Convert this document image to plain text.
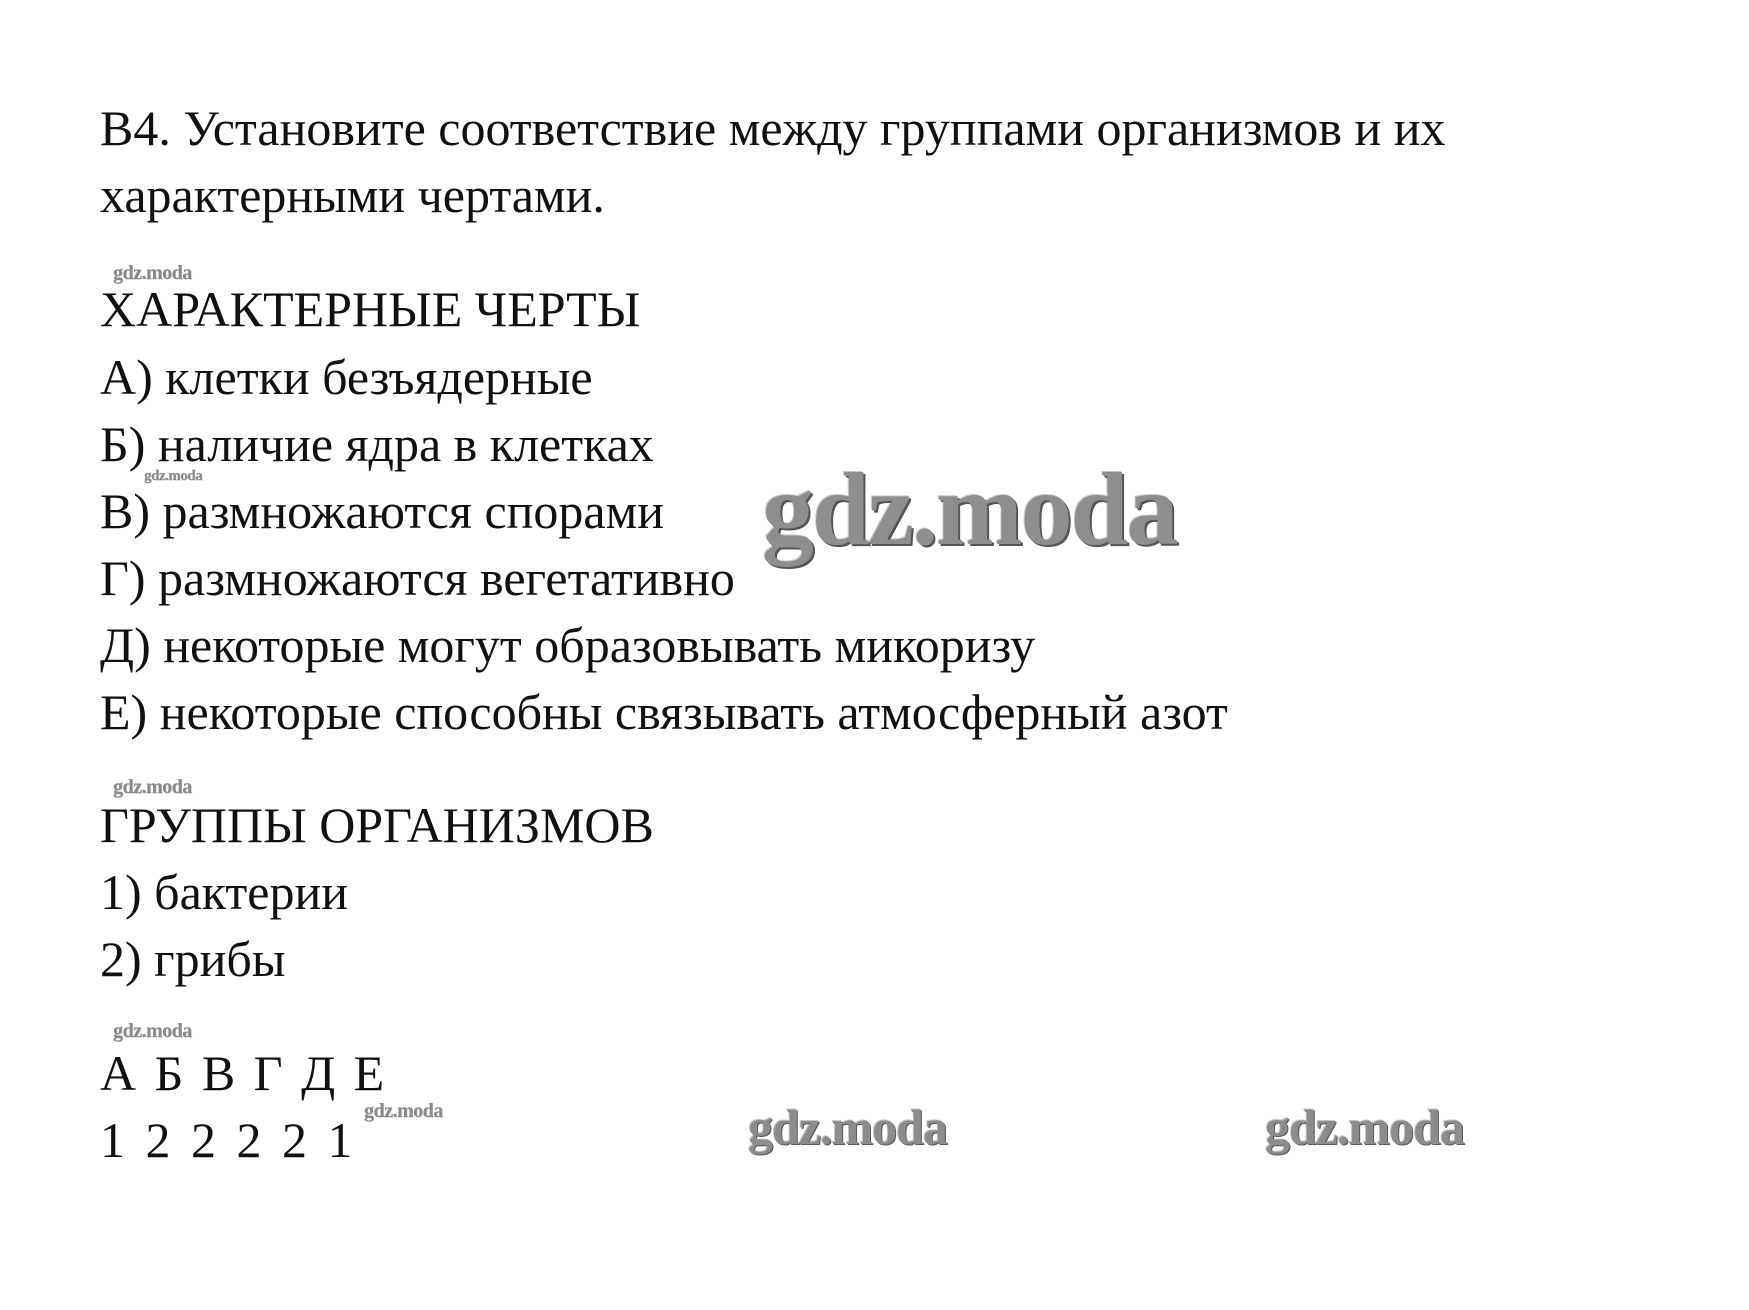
В4. Установите соответствие между группами организмов и их
характерными чертами.
gdz.moda
ХАРАКТЕРНЫЕ ЧЕРТЫ
А) клетки безъядерные
Б) наличие ядра в клетках
gdz.moda
В) размножаются спорами
Г) размножаются вегетативно
Д) некоторые могут образовывать микоризу
Е) некоторые способны связывать атмосферный азот
gdz.moda
gdz.moda
ГРУППЫ ОРГАНИЗМОВ
1) бактерии
2) грибы
gdz.moda
А Б В Г Д Е
1 2 2 2 2 1
gdz.moda	gdz.moda	gdz.moda
